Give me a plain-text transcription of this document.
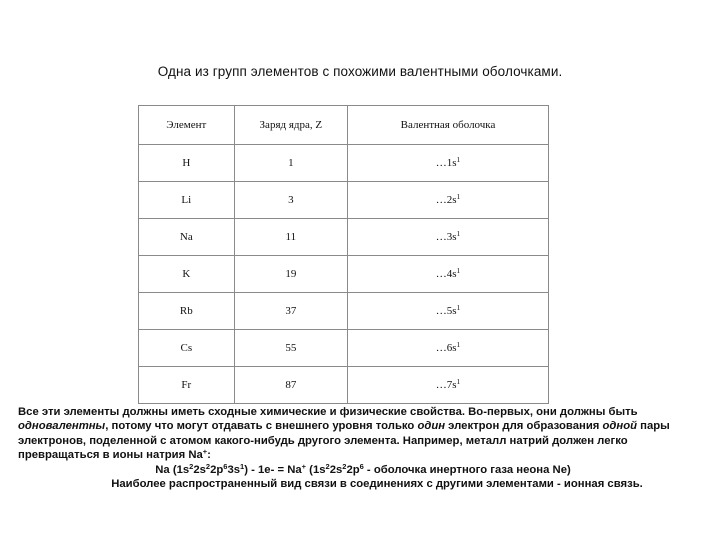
Одна из групп элементов с похожими валентными оболочками.
Элемент	Заряд ядра, Z	Валентная оболочка
H	1	$\dots 1s^1$
Li	3	$\dots 2s^1$
Na	11	$\dots 3s^1$
K	19	$\dots 4s^1$
Rb	37	$\dots 5s^1$
Cs	55	$\dots 6s^1$
Fr	87	$\dots 7s^1$
Все эти элементы должны иметь сходные химические и физические свойства. Во-первых, они должны быть одновалентны, потому что могут отдавать с внешнего уровня только один электрон для образования одной пары электронов, поделенной с атомом какого-нибудь другого элемента. Например, металл натрий должен легко превращаться в ионы натрия Na+:
Na $(1s^22s^22p^63s^1) - 1e- = Na^+$ ($1s^22s^22p^6$ - оболочка инертного газа неона Ne)
Наиболее распространенный вид связи в соединениях с другими элементами - ионная связь.
